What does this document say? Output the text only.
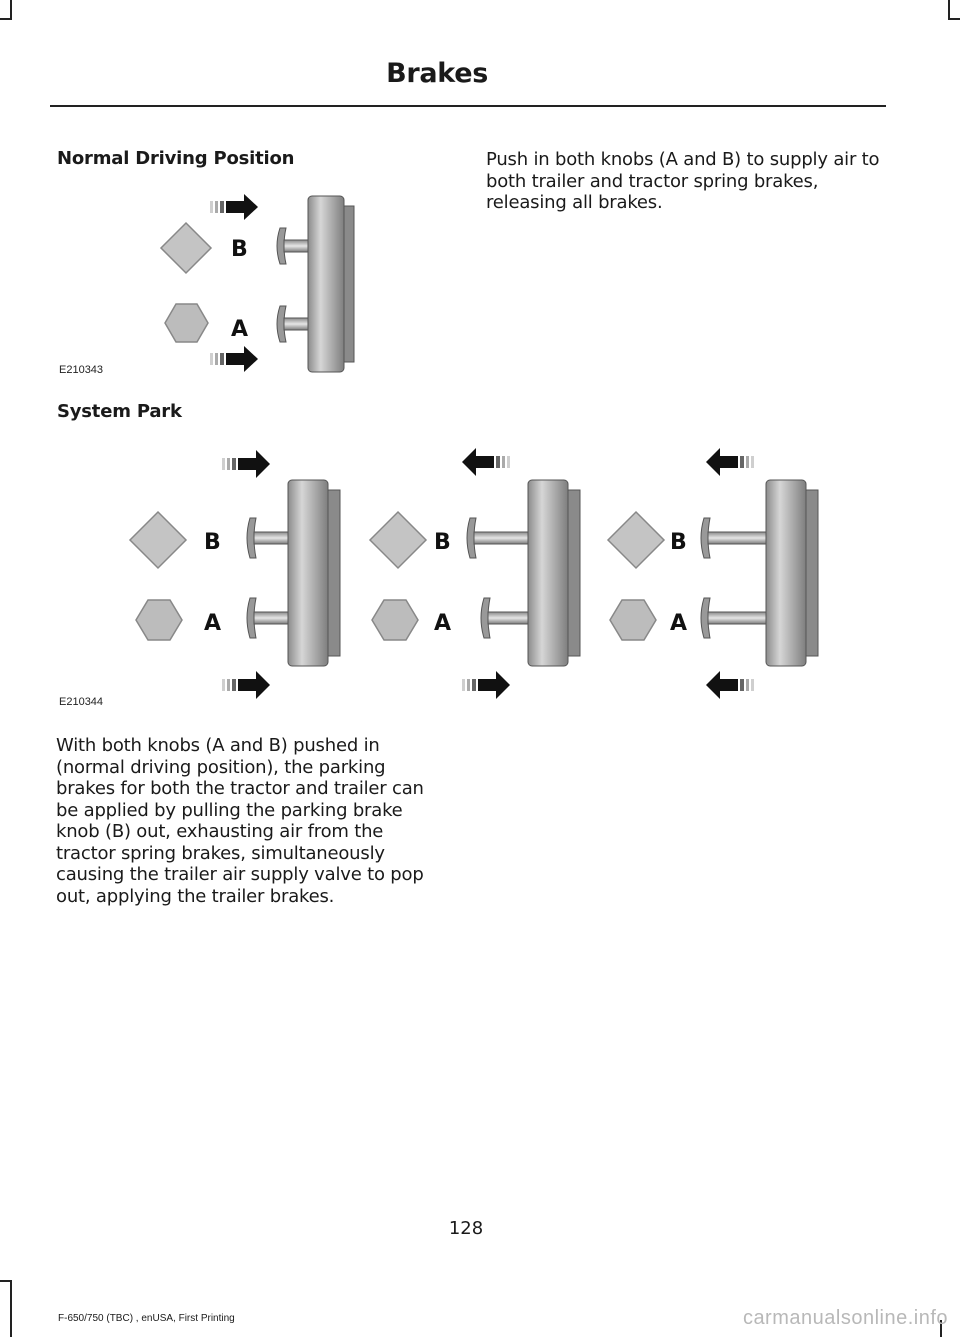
Brakes
Normal Driving Position
B
A
E210343
Push in both knobs (A and B) to supply air to both trailer and tractor spring brakes, releasing all brakes.
System Park
B
A
B
A
B
A
E210344
With both knobs (A and B) pushed in (normal driving position), the parking brakes for both the tractor and trailer can be applied by pulling the parking brake knob (B) out, exhausting air from the tractor spring brakes, simultaneously causing the trailer air supply valve to pop out, applying the trailer brakes.
128
F-650/750 (TBC) , enUSA, First Printing	carmanualsonline.info
